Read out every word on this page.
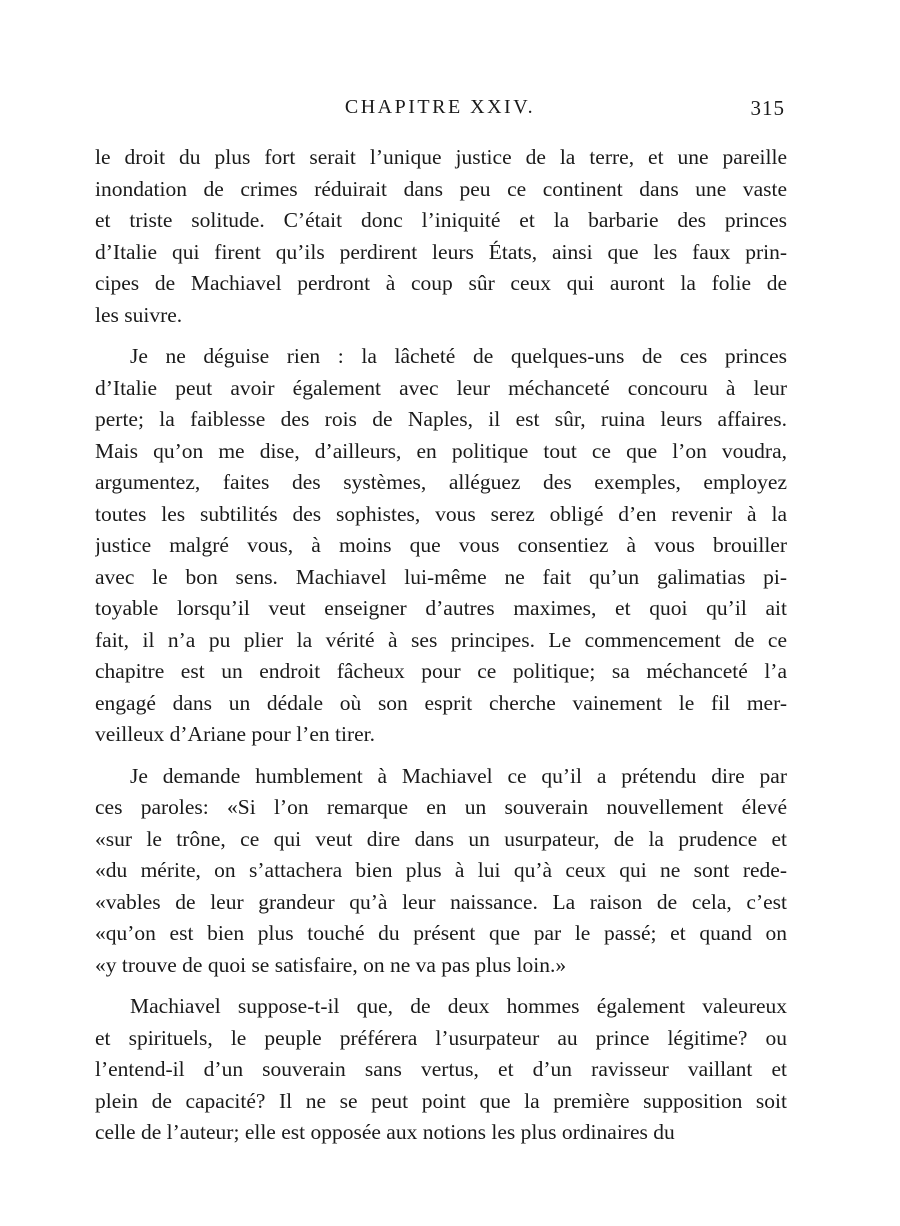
CHAPITRE XXIV.	315
le droit du plus fort serait l’unique justice de la terre, et une pareille
inondation de crimes réduirait dans peu ce continent dans une vaste
et triste solitude. C’était donc l’iniquité et la barbarie des princes
d’Italie qui firent qu’ils perdirent leurs États, ainsi que les faux prin-
cipes de Machiavel perdront à coup sûr ceux qui auront la folie de
les suivre.
Je ne déguise rien : la lâcheté de quelques-uns de ces princes
d’Italie peut avoir également avec leur méchanceté concouru à leur
perte; la faiblesse des rois de Naples, il est sûr, ruina leurs affaires.
Mais qu’on me dise, d’ailleurs, en politique tout ce que l’on voudra,
argumentez, faites des systèmes, alléguez des exemples, employez
toutes les subtilités des sophistes, vous serez obligé d’en revenir à la
justice malgré vous, à moins que vous consentiez à vous brouiller
avec le bon sens. Machiavel lui-même ne fait qu’un galimatias pi-
toyable lorsqu’il veut enseigner d’autres maximes, et quoi qu’il ait
fait, il n’a pu plier la vérité à ses principes. Le commencement de ce
chapitre est un endroit fâcheux pour ce politique; sa méchanceté l’a
engagé dans un dédale où son esprit cherche vainement le fil mer-
veilleux d’Ariane pour l’en tirer.
Je demande humblement à Machiavel ce qu’il a prétendu dire par
ces paroles: «Si l’on remarque en un souverain nouvellement élevé
«sur le trône, ce qui veut dire dans un usurpateur, de la prudence et
«du mérite, on s’attachera bien plus à lui qu’à ceux qui ne sont rede-
«vables de leur grandeur qu’à leur naissance. La raison de cela, c’est
«qu’on est bien plus touché du présent que par le passé; et quand on
«y trouve de quoi se satisfaire, on ne va pas plus loin.»
Machiavel suppose-t-il que, de deux hommes également valeureux
et spirituels, le peuple préférera l’usurpateur au prince légitime? ou
l’entend-il d’un souverain sans vertus, et d’un ravisseur vaillant et
plein de capacité? Il ne se peut point que la première supposition soit
celle de l’auteur; elle est opposée aux notions les plus ordinaires du
